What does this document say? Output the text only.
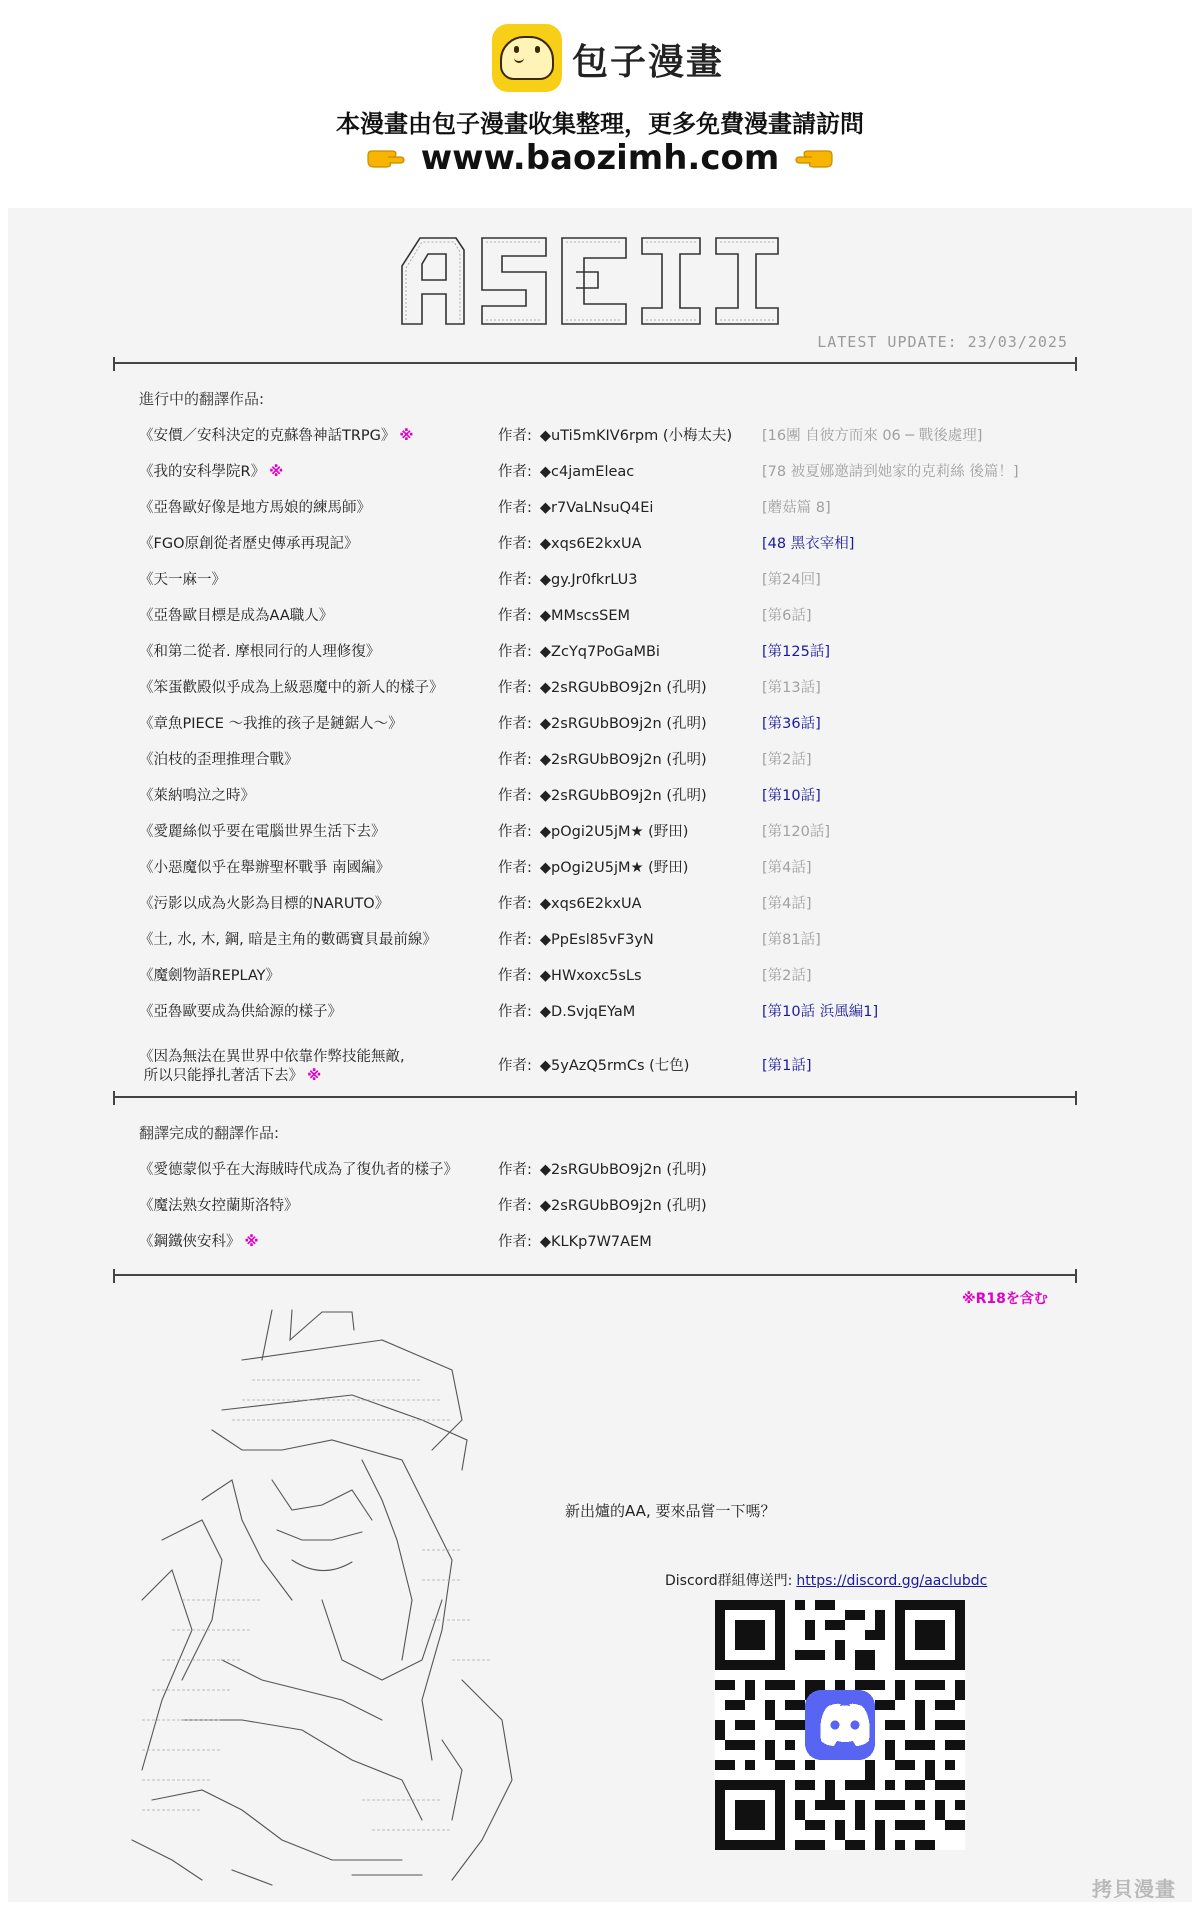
包子漫畫
本漫畫由包子漫畫收集整理，更多免費漫畫請訪問
www.baozimh.com
LATEST UPDATE: 23/03/2025
進行中的翻譯作品:
《安價／安科決定的克蘇魯神話TRPG》 ※	作者: ◆uTi5mKIV6rpm (小梅太夫) [16團 自彼方而來 06 ─ 戰後處理]
《我的安科學院R》 ※	作者: ◆c4jamEleac	[78 被夏娜邀請到她家的克莉絲 後篇！]
《亞魯歐好像是地方馬娘的練馬師》	作者: ◆r7VaLNsuQ4Ei	[蘑菇篇 8]
《FGO原創從者歷史傳承再現記》	作者: ◆xqs6E2kxUA	[48 黑衣宰相]
《天一麻一》	作者: ◆gy.Jr0fkrLU3	[第24回]
《亞魯歐目標是成為AA職人》	作者: ◆MMscsSEM	[第6話]
《和第二從者. 摩根同行的人理修復》	作者: ◆ZcYq7PoGaMBi	[第125話]
《笨蛋歡殿似乎成為上級惡魔中的新人的樣子》	作者: ◆2sRGUbBO9j2n (孔明)	[第13話]
《章魚PIECE ～我推的孩子是鏈鋸人～》	作者: ◆2sRGUbBO9j2n (孔明)	[第36話]
《泊枝的歪理推理合戰》	作者: ◆2sRGUbBO9j2n (孔明)	[第2話]
《萊納鳴泣之時》	作者: ◆2sRGUbBO9j2n (孔明)	[第10話]
《愛麗絲似乎要在電腦世界生活下去》	作者: ◆pOgi2U5jM★ (野田)	[第120話]
《小惡魔似乎在舉辦聖杯戰爭 南國編》	作者: ◆pOgi2U5jM★ (野田)	[第4話]
《污影以成為火影為目標的NARUTO》	作者: ◆xqs6E2kxUA	[第4話]
《土, 水, 木, 鋼, 暗是主角的數碼寶貝最前線》	作者: ◆PpEsl85vF3yN	[第81話]
《魔劍物語REPLAY》	作者: ◆HWxoxc5sLs	[第2話]
《亞魯歐要成為供給源的樣子》	作者: ◆D.SvjqEYaM	[第10話 浜風編1]
《因為無法在異世界中依靠作弊技能無敵,
所以只能掙扎著活下去》 ※
作者: ◆5yAzQ5rmCs (七色)	[第1話]
翻譯完成的翻譯作品:
《愛德蒙似乎在大海賊時代成為了復仇者的樣子》	作者: ◆2sRGUbBO9j2n (孔明)
《魔法熟女控蘭斯洛特》	作者: ◆2sRGUbBO9j2n (孔明)
《鋼鐵俠安科》 ※	作者: ◆KLKp7W7AEM
※R18を含む
新出爐的AA, 要來品嘗一下嗎？
Discord群組傳送門: https://discord.gg/aaclubdc
拷貝漫畫
